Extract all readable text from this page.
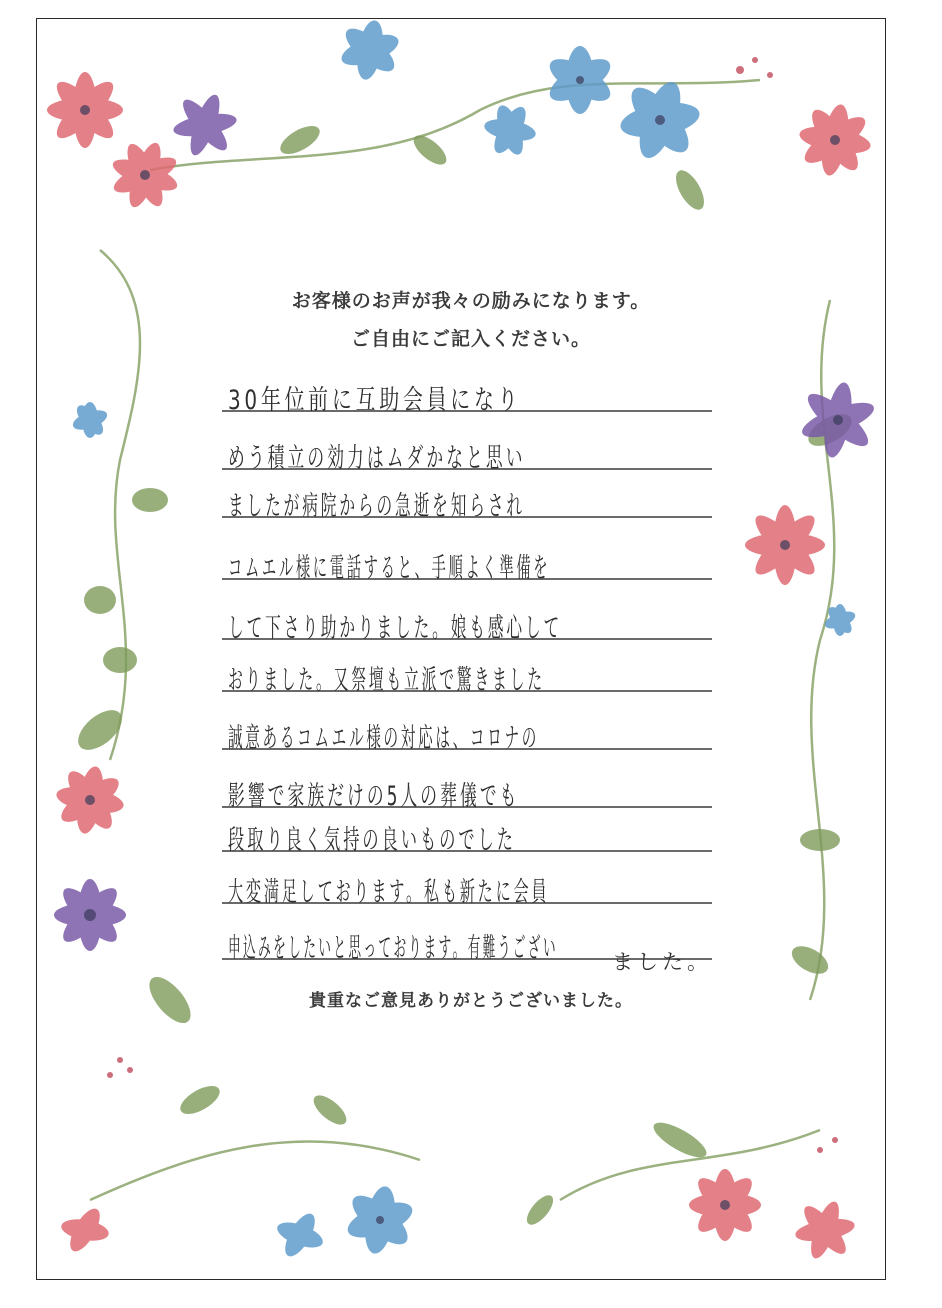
お客様のお声が我々の励みになります。
ご自由にご記入ください。
30年位前に互助会員になり
めう積立の効力はムダかなと思い
ましたが病院からの急逝を知らされ
コムエル様に電話すると、手順よく準備を
して下さり助かりました。娘も感心して
おりました。又祭壇も立派で驚きました
誠意あるコムエル様の対応は、コロナの
影響で家族だけの5人の葬儀でも
段取り良く気持の良いものでした
大変満足しております。私も新たに会員
申込みをしたいと思っております。有難うござい	ました。
貴重なご意見ありがとうございました。
